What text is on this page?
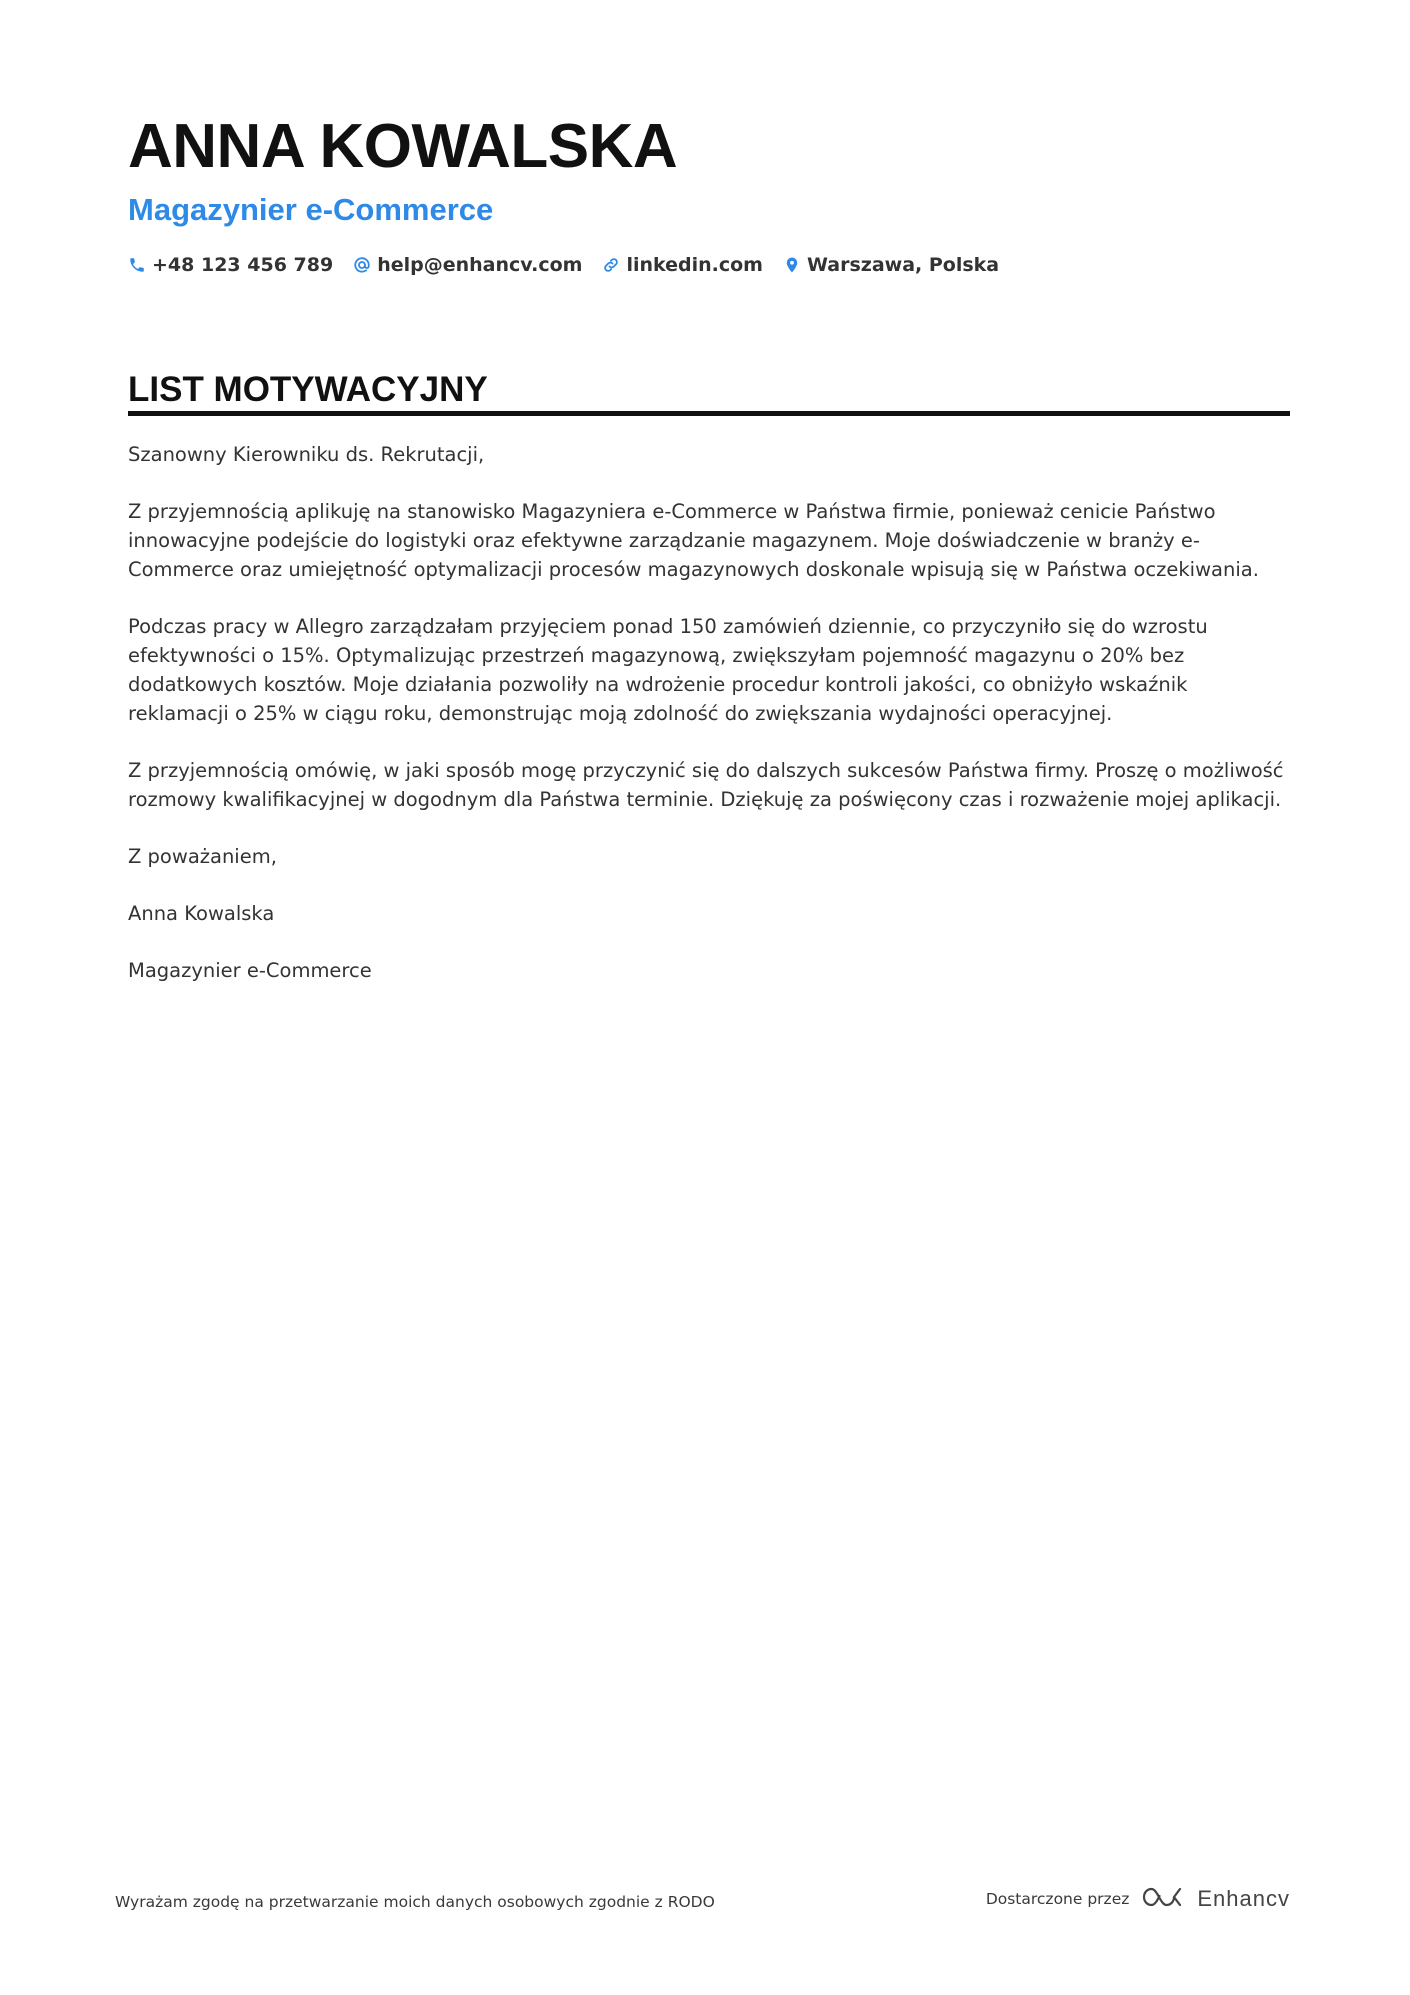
ANNA KOWALSKA
Magazynier e-Commerce
+48 123 456 789 help@enhancv.com linkedin.com Warszawa, Polska
LIST MOTYWACYJNY

Szanowny Kierowniku ds. Rekrutacji,

Z przyjemnością aplikuję na stanowisko Magazyniera e-Commerce w Państwa firmie, ponieważ cenicie Państwo innowacyjne podejście do logistyki oraz efektywne zarządzanie magazynem. Moje doświadczenie w branży e-Commerce oraz umiejętność optymalizacji procesów magazynowych doskonale wpisują się w Państwa oczekiwania.

Podczas pracy w Allegro zarządzałam przyjęciem ponad 150 zamówień dziennie, co przyczyniło się do wzrostu efektywności o 15%. Optymalizując przestrzeń magazynową, zwiększyłam pojemność magazynu o 20% bez dodatkowych kosztów. Moje działania pozwoliły na wdrożenie procedur kontroli jakości, co obniżyło wskaźnik reklamacji o 25% w ciągu roku, demonstrując moją zdolność do zwiększania wydajności operacyjnej.

Z przyjemnością omówię, w jaki sposób mogę przyczynić się do dalszych sukcesów Państwa firmy. Proszę o możliwość rozmowy kwalifikacyjnej w dogodnym dla Państwa terminie. Dziękuję za poświęcony czas i rozważenie mojej aplikacji.

Z poważaniem,

Anna Kowalska

Magazynier e-Commerce

Wyrażam zgodę na przetwarzanie moich danych osobowych zgodnie z RODO	Dostarczone przez	Enhancv
